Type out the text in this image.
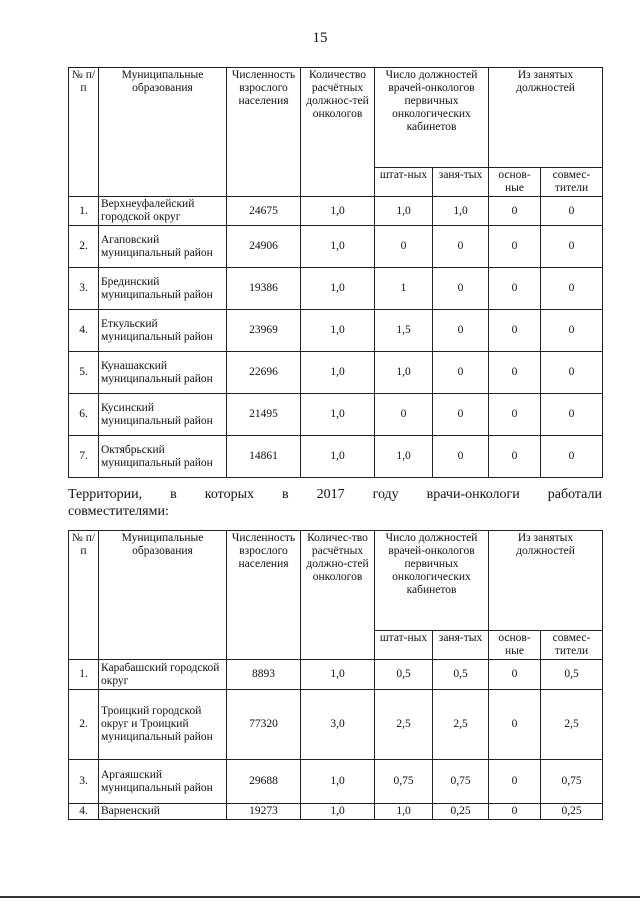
15
№ п/п	Муниципальные образования	Численность взрослого населения	Количество расчётных должнос-тей онкологов	Число должностей врачей-онкологов первичных онкологических кабинетов		Из занятых должностей	
				штат-ных	заня-тых	основ-ные	совмес-тители
1.	Верхнеуфалейский городской округ	24675	1,0	1,0	1,0	0	0
2.	Агаповский муниципальный район	24906	1,0	0	0	0	0
3.	Брединский муниципальный район	19386	1,0	1	0	0	0
4.	Еткульский муниципальный район	23969	1,0	1,5	0	0	0
5.	Кунашакский муниципальный район	22696	1,0	1,0	0	0	0
6.	Кусинский муниципальный район	21495	1,0	0	0	0	0
7.	Октябрьский муниципальный район	14861	1,0	1,0	0	0	0
Территории, в которых в 2017 году врачи-онкологи работали
совместителями:
№ п/п	Муниципальные образования	Численность взрослого населения	Количес-тво расчётных должно-стей онкологов	Число должностей врачей-онкологов первичных онкологических кабинетов		Из занятых должностей	
				штат-ных	заня-тых	основ-ные	совмес-тители
1.	Карабашский городской округ	8893	1,0	0,5	0,5	0	0,5
2.	Троицкий городской округ и Троицкий муниципальный район	77320	3,0	2,5	2,5	0	2,5
3.	Аргаяшский муниципальный район	29688	1,0	0,75	0,75	0	0,75
4.	Варненский	19273	1,0	1,0	0,25	0	0,25
